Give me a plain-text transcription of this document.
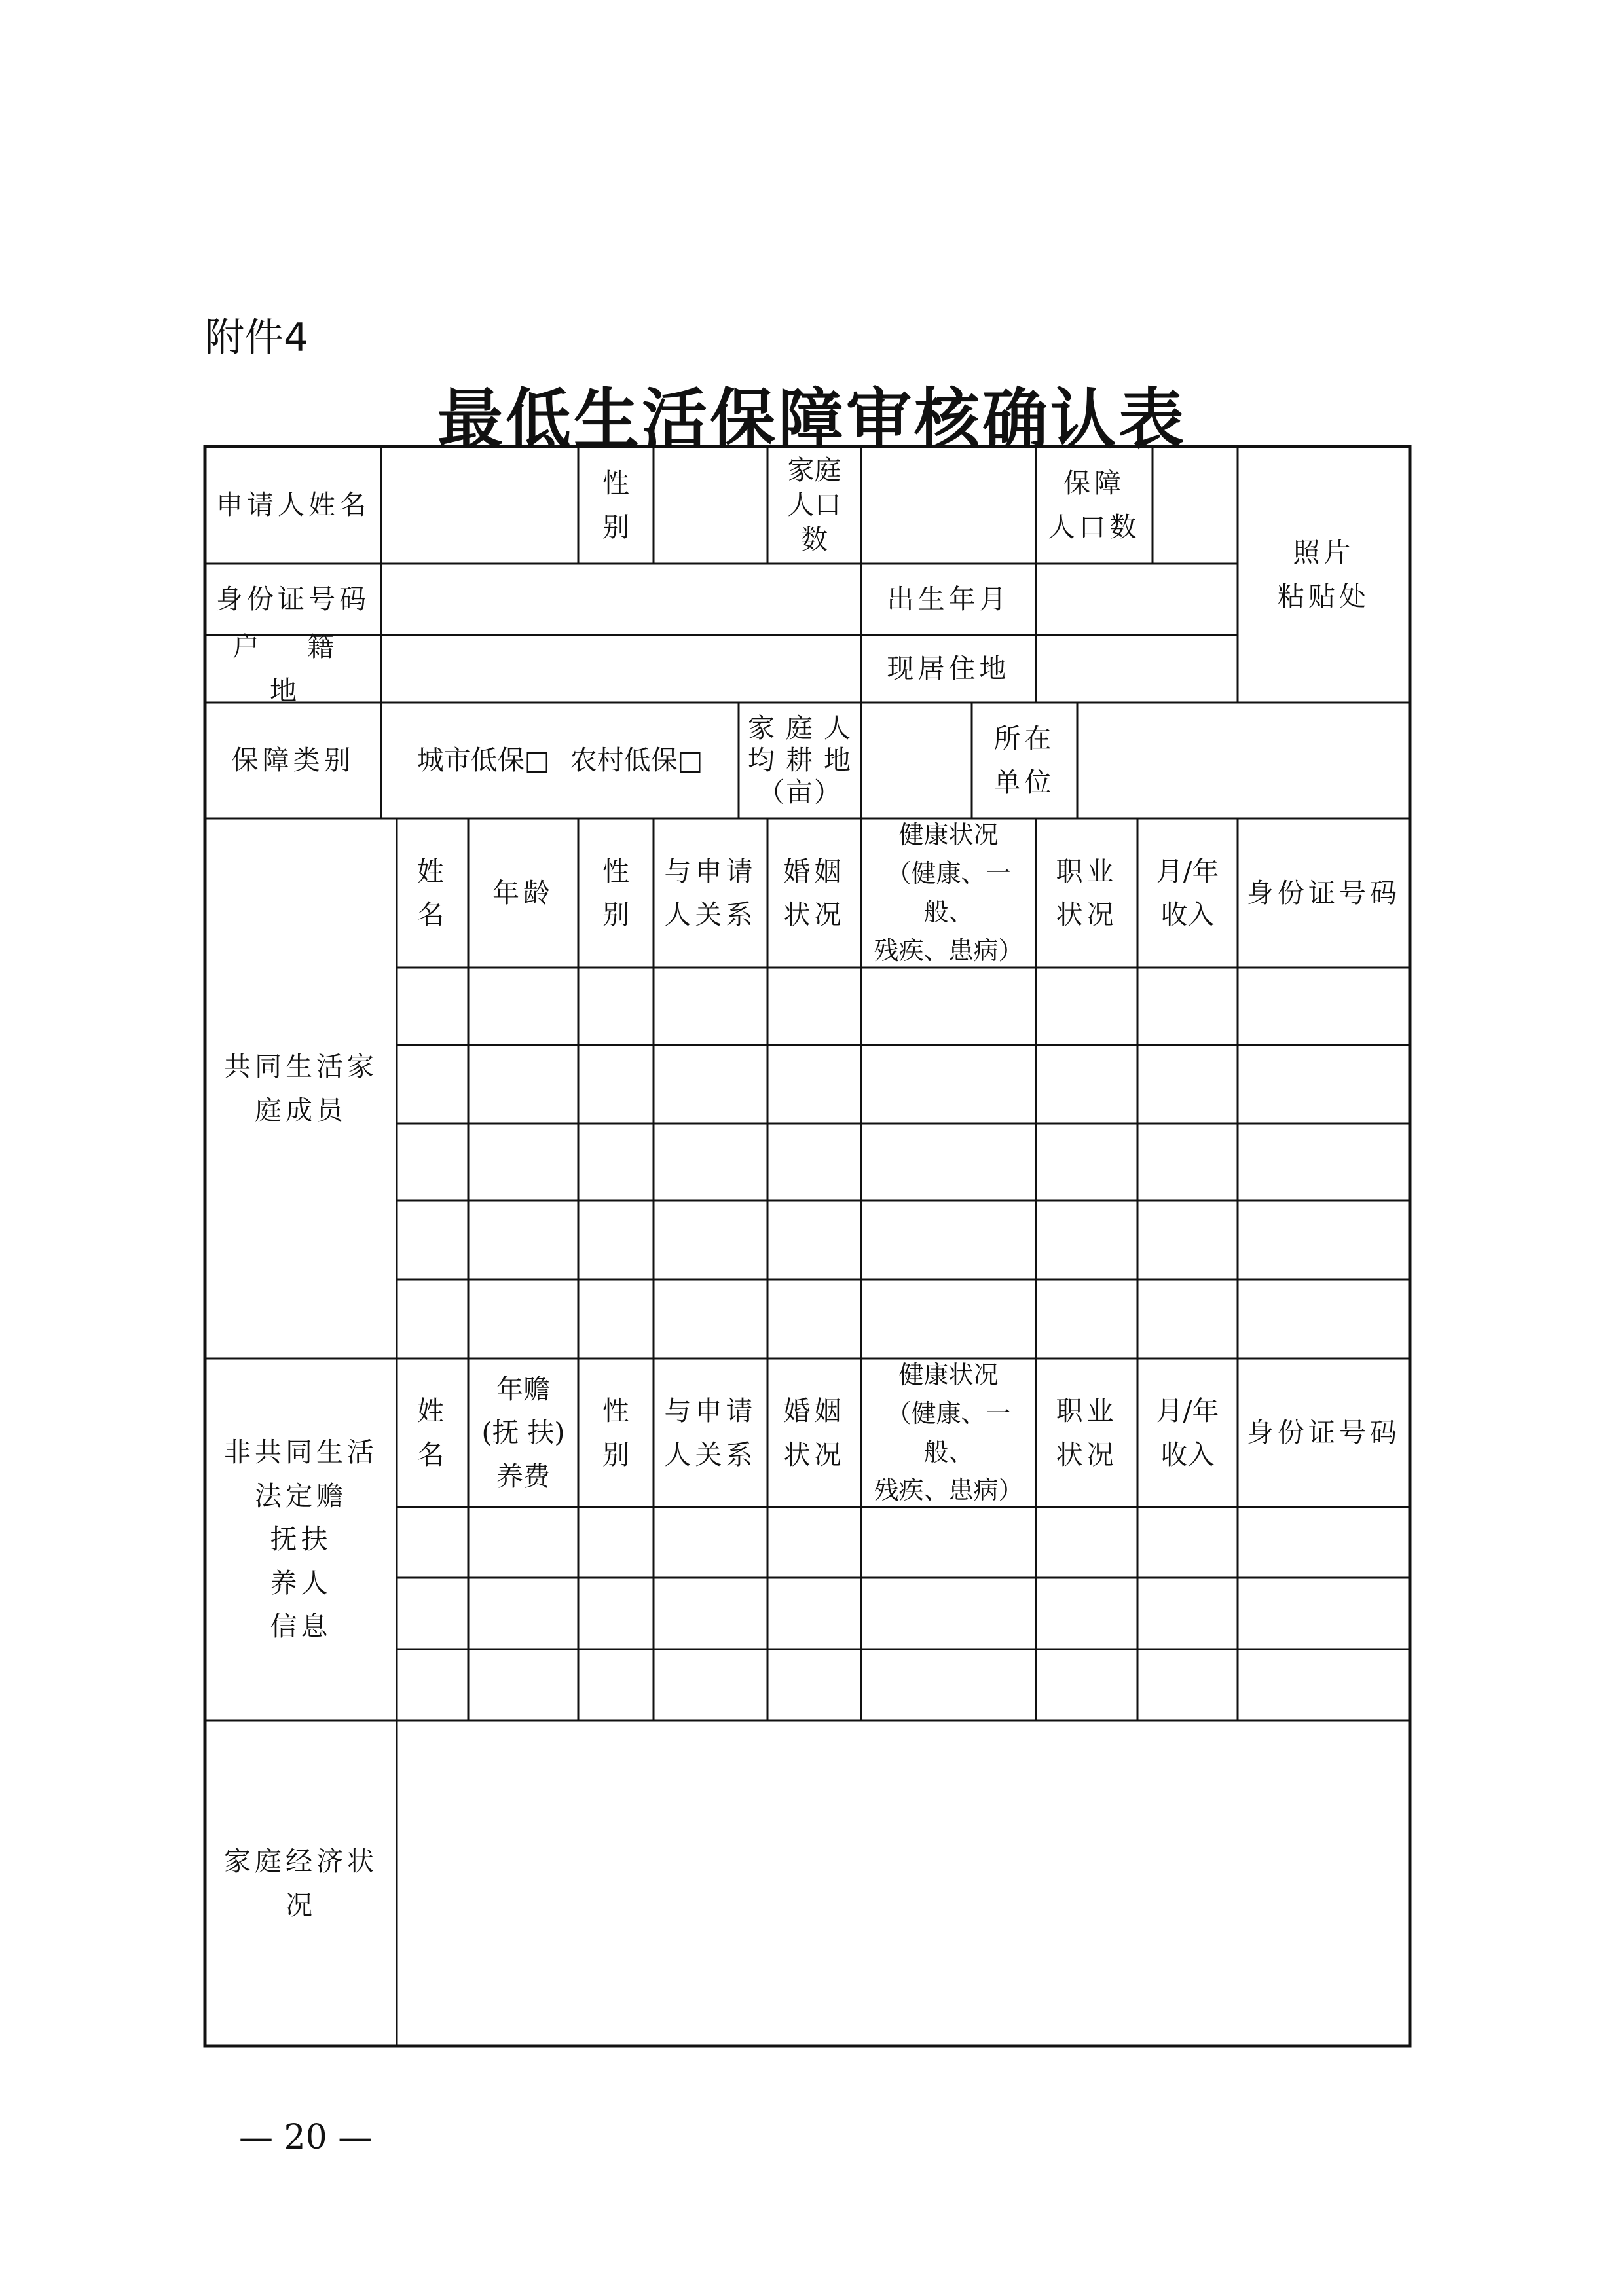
附件4
最低生活保障审核确认表
申请人姓名
性
别
家庭
人口
数
保障
人口数
照片
粘贴处
身份证号码	出生年月
户 籍 地
现居住地
保障类别 城市低保□ 农村低保□
家 庭 人
均 耕 地
（亩）
所在
单位
共同生活家
庭成员
姓
名
年龄
性
别
与申请
人关系
婚姻
状况
健康状况
（健康、一般、
残疾、患病）
职业
状况
月/年
收入
身份证号码
非共同生活
法定赡
抚扶
养人
信息
姓
名
年赡
(抚 扶)
养费
性
别
与申请
人关系
婚姻
状况
健康状况
（健康、一般、
残疾、患病）
职业
状况
月/年
收入
身份证号码
家庭经济状
况
— 20 —
